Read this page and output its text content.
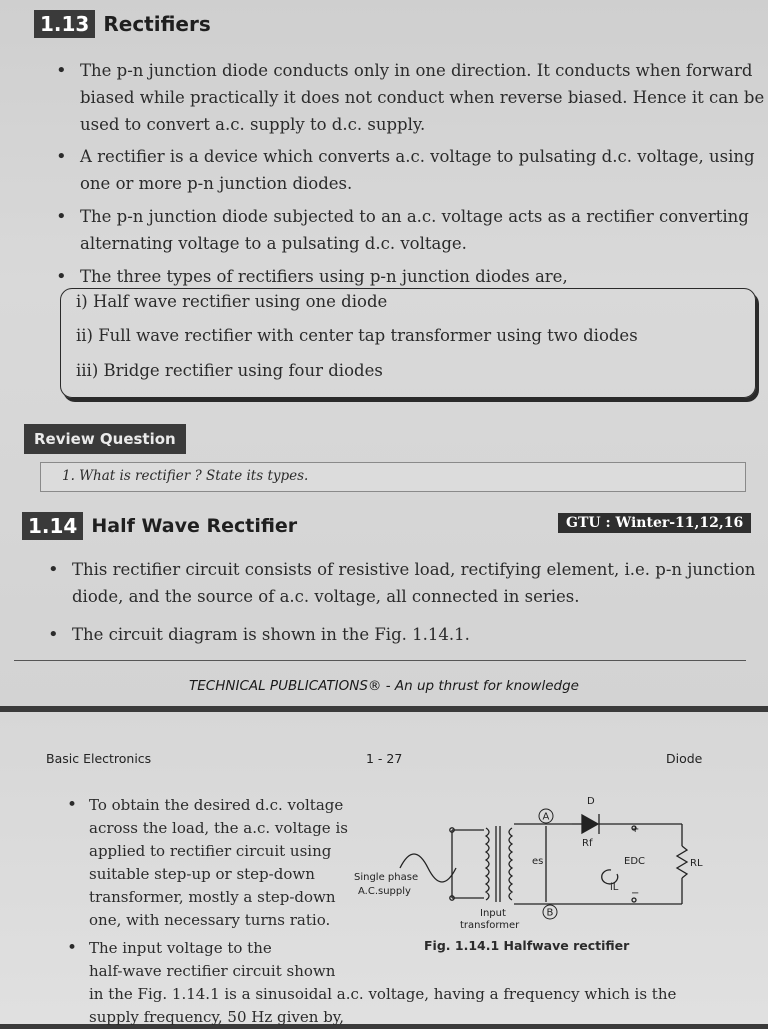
1.13 Rectifiers
• The p-n junction diode conducts only in one direction. It conducts when forward
biased while practically it does not conduct when reverse biased. Hence it can be
used to convert a.c. supply to d.c. supply.
• A rectifier is a device which converts a.c. voltage to pulsating d.c. voltage, using
one or more p-n junction diodes.
• The p-n junction diode subjected to an a.c. voltage acts as a rectifier converting
alternating voltage to a pulsating d.c. voltage.
• The three types of rectifiers using p-n junction diodes are,
i) Half wave rectifier using one diode
ii) Full wave rectifier with center tap transformer using two diodes
iii) Bridge rectifier using four diodes
Review Question
1. What is rectifier ? State its types.
1.14 Half Wave Rectifier	GTU : Winter-11,12,16
• This rectifier circuit consists of resistive load, rectifying element, i.e. p-n junction
diode, and the source of a.c. voltage, all connected in series.
• The circuit diagram is shown in the Fig. 1.14.1.
TECHNICAL PUBLICATIONS® - An up thrust for knowledge
Basic Electronics	1 - 27	Diode
• To obtain the desired d.c. voltage
across the load, the a.c. voltage is
applied to rectifier circuit using
suitable step-up or step-down
transformer, mostly a step-down
one, with necessary turns ratio.
• The input voltage to the
half-wave rectifier circuit shown
in the Fig. 1.14.1 is a sinusoidal a.c. voltage, having a frequency which is the
supply frequency, 50 Hz given by,
A
B
D
Rf
es	EDC	RL
iL
Single phase
A.C.supply
Input
transformer
+
−
Fig. 1.14.1 Halfwave rectifier
